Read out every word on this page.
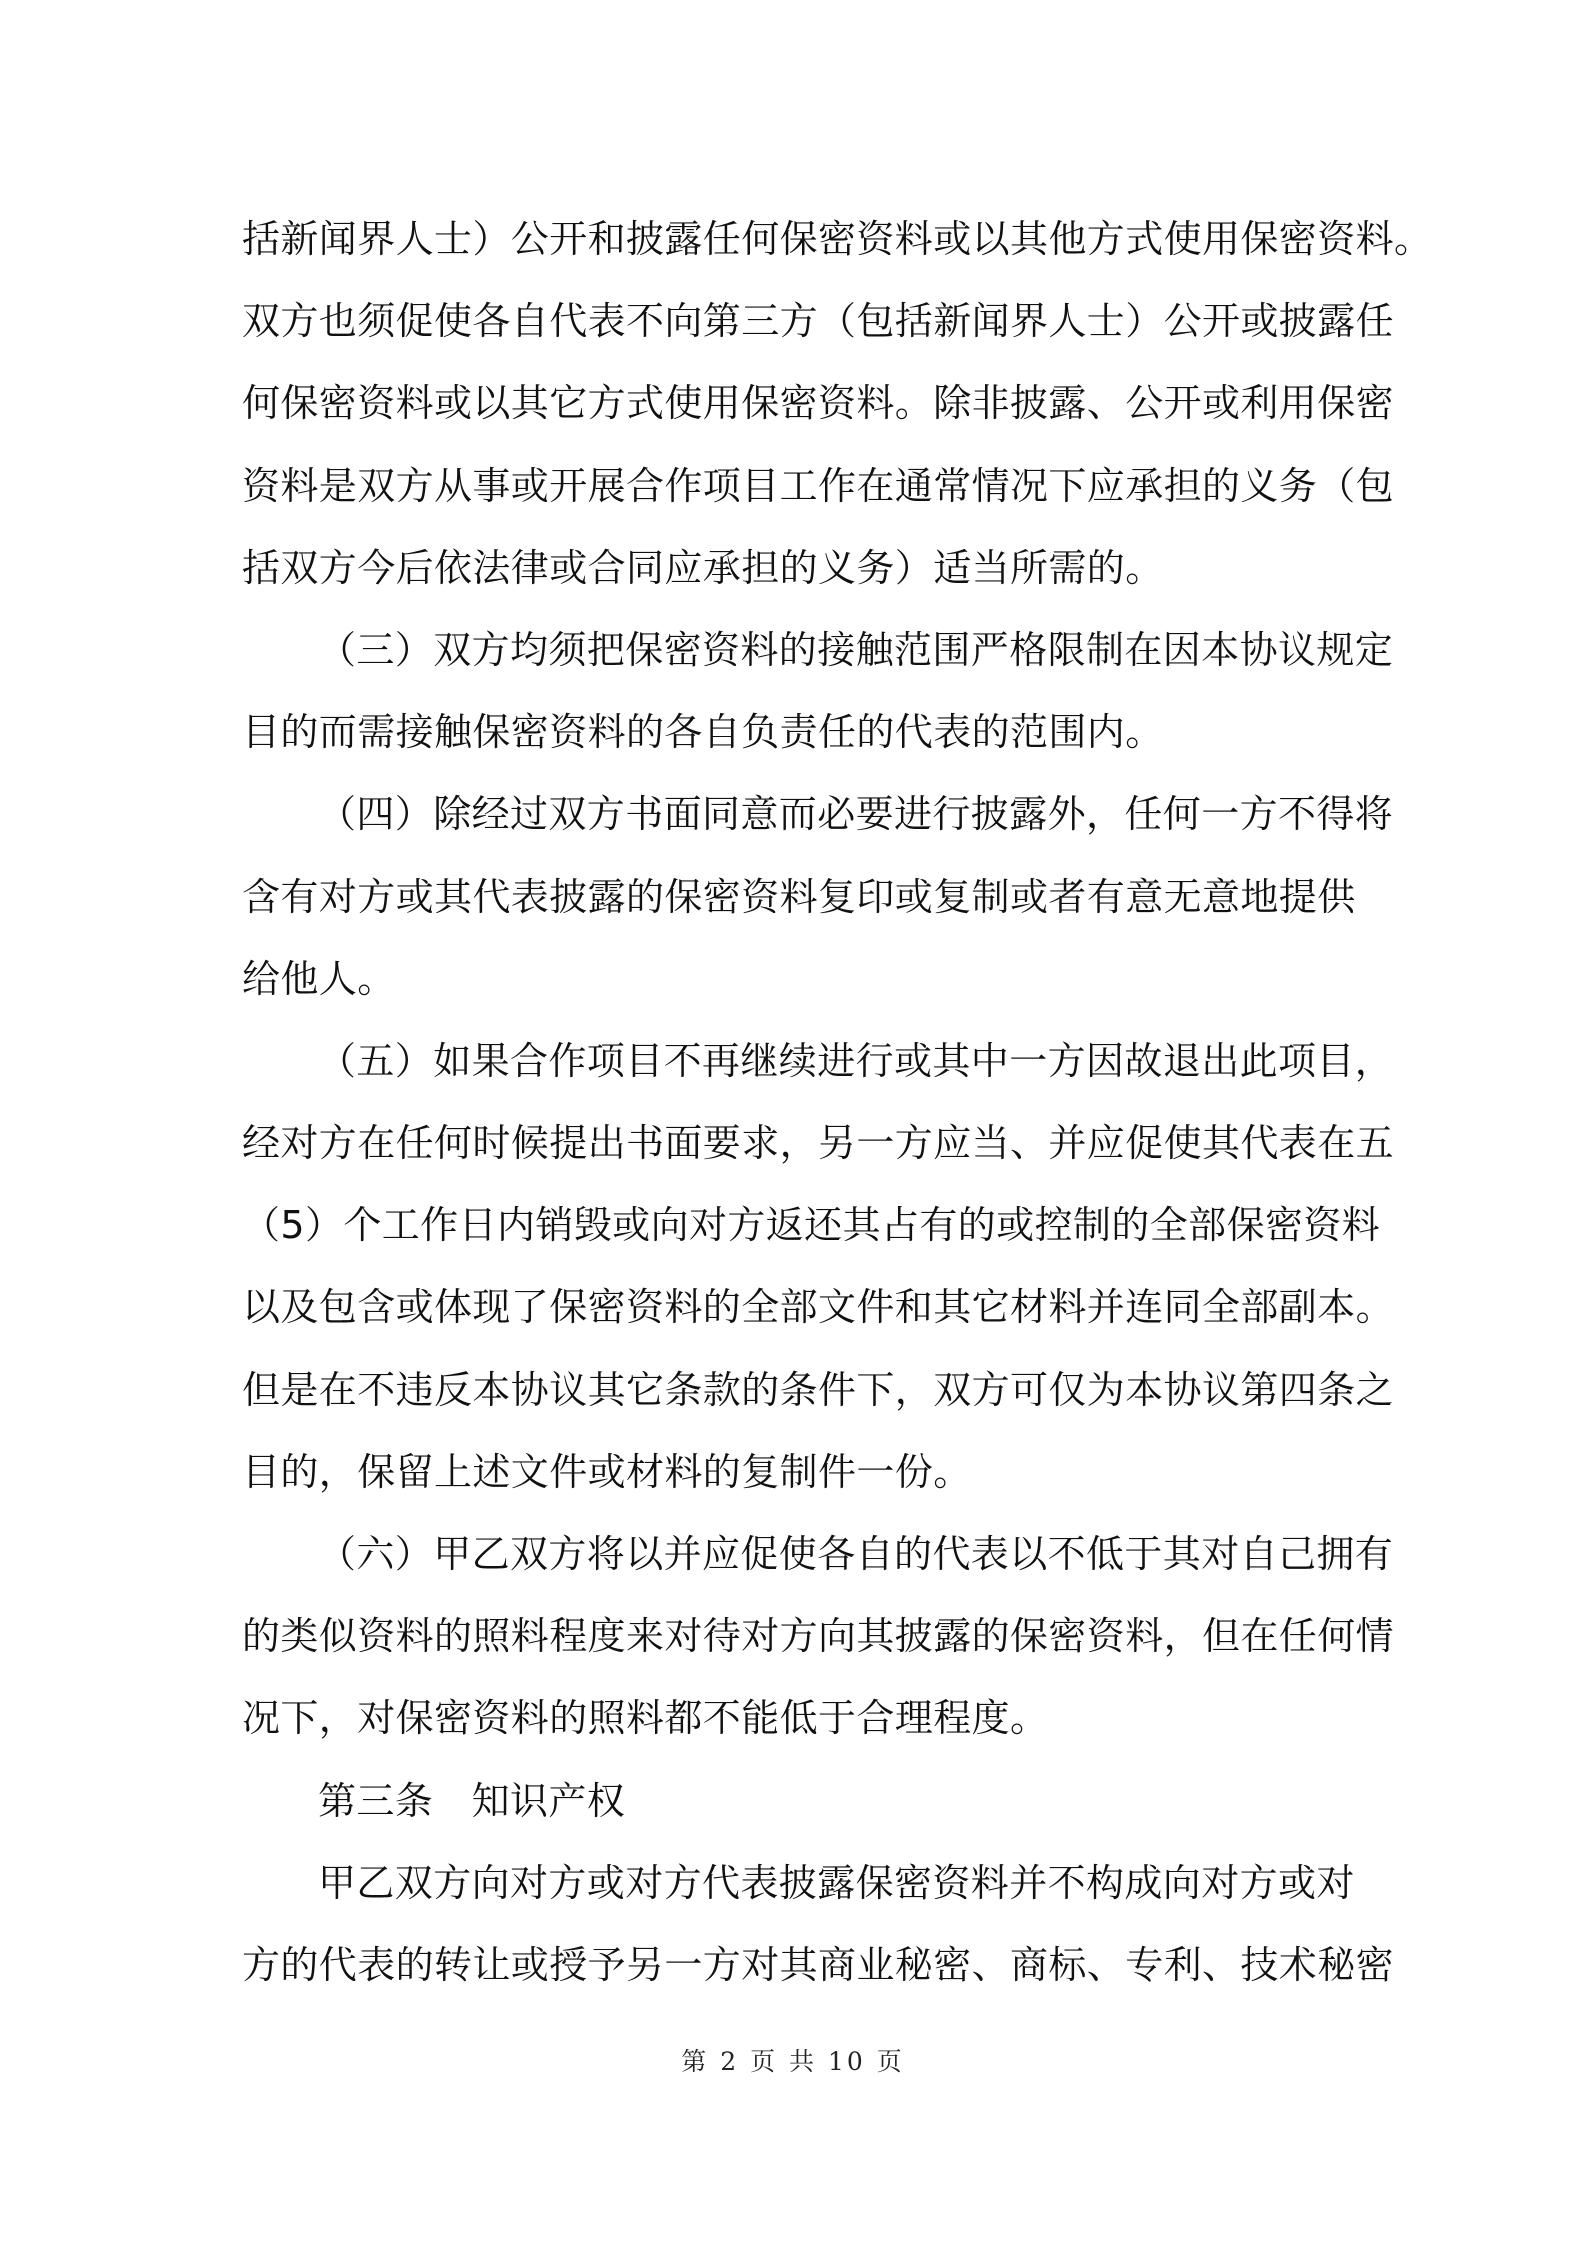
括新闻界人士）公开和披露任何保密资料或以其他方式使用保密资料。
双方也须促使各自代表不向第三方（包括新闻界人士）公开或披露任
何保密资料或以其它方式使用保密资料。除非披露、公开或利用保密
资料是双方从事或开展合作项目工作在通常情况下应承担的义务（包
括双方今后依法律或合同应承担的义务）适当所需的。
（三）双方均须把保密资料的接触范围严格限制在因本协议规定
目的而需接触保密资料的各自负责任的代表的范围内。
（四）除经过双方书面同意而必要进行披露外，任何一方不得将
含有对方或其代表披露的保密资料复印或复制或者有意无意地提供
给他人。
（五）如果合作项目不再继续进行或其中一方因故退出此项目，
经对方在任何时候提出书面要求，另一方应当、并应促使其代表在五
（5）个工作日内销毁或向对方返还其占有的或控制的全部保密资料
以及包含或体现了保密资料的全部文件和其它材料并连同全部副本。
但是在不违反本协议其它条款的条件下，双方可仅为本协议第四条之
目的，保留上述文件或材料的复制件一份。
（六）甲乙双方将以并应促使各自的代表以不低于其对自己拥有
的类似资料的照料程度来对待对方向其披露的保密资料，但在任何情
况下，对保密资料的照料都不能低于合理程度。
第三条　知识产权
甲乙双方向对方或对方代表披露保密资料并不构成向对方或对
方的代表的转让或授予另一方对其商业秘密、商标、专利、技术秘密
第 2 页 共 10 页
